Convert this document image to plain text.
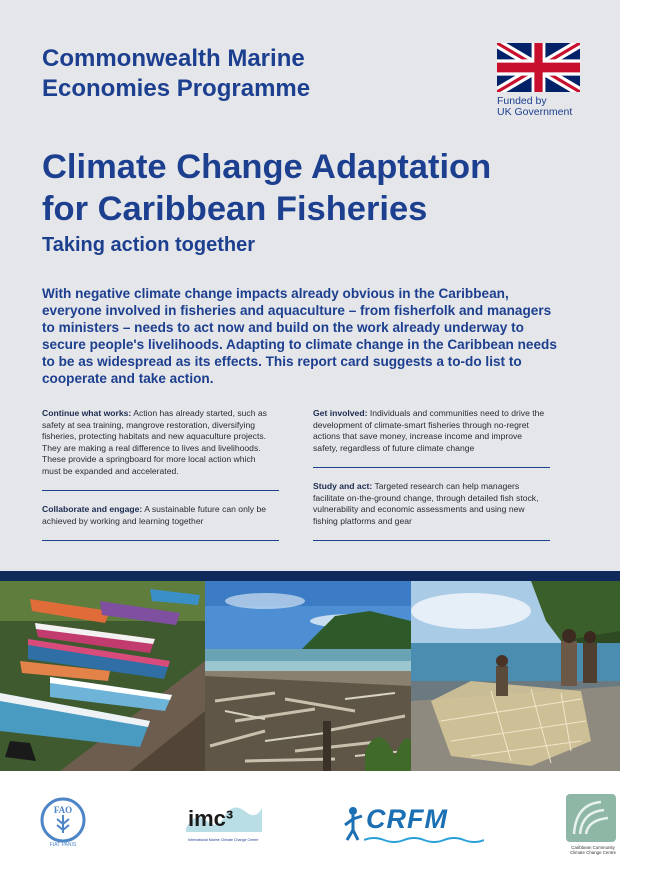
Commonwealth Marine
Economies Programme	Funded by
UK Government
Climate Change Adaptation
for Caribbean Fisheries
Taking action together

With negative climate change impacts already obvious in the Caribbean, everyone involved in fisheries and aquaculture – from fisherfolk and managers to ministers – needs to act now and build on the work already underway to secure people's livelihoods. Adapting to climate change in the Caribbean needs to be as widespread as its effects. This report card suggests a to-do list to cooperate and take action.

Continue what works: Action has already started, such as safety at sea training, mangrove restoration, diversifying fisheries, protecting habitats and new aquaculture projects. They are making a real difference to lives and livelihoods. These provide a springboard for more local action which must be expanded and accelerated.
Collaborate and engage: A sustainable future can only be achieved by working and learning together
Get involved: Individuals and communities need to drive the development of climate-smart fisheries through no-regret actions that save money, increase income and improve safety, regardless of future climate change
Study and act: Targeted research can help managers facilitate on-the-ground change, through detailed fish stock, vulnerability and economic assessments and using new fishing platforms and gear
FAO
FIAT PANIS
imc³
International Marine Climate Change Centre
CRFM
Caribbean Community
Climate Change Centre
